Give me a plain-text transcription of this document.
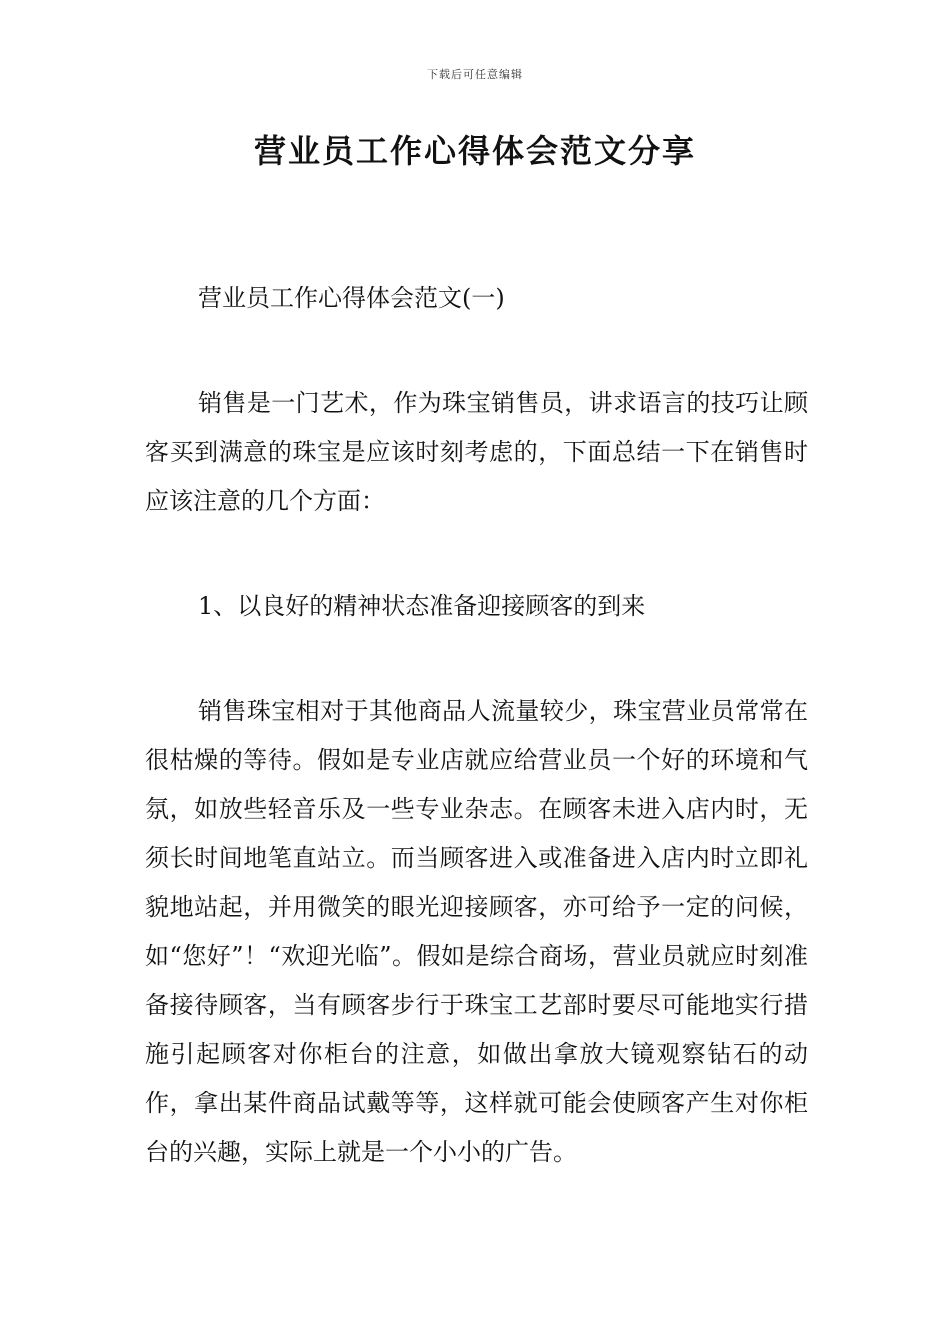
下载后可任意编辑
营业员工作心得体会范文分享

营业员工作心得体会范文(一)

销售是一门艺术，作为珠宝销售员，讲求语言的技巧让顾客买到满意的珠宝是应该时刻考虑的，下面总结一下在销售时应该注意的几个方面：

1、以良好的精神状态准备迎接顾客的到来

销售珠宝相对于其他商品人流量较少，珠宝营业员常常在很枯燥的等待。假如是专业店就应给营业员一个好的环境和气氛，如放些轻音乐及一些专业杂志。在顾客未进入店内时，无须长时间地笔直站立。而当顾客进入或准备进入店内时立即礼貌地站起，并用微笑的眼光迎接顾客，亦可给予一定的问候，如“您好”！“欢迎光临”。假如是综合商场，营业员就应时刻准备接待顾客，当有顾客步行于珠宝工艺部时要尽可能地实行措施引起顾客对你柜台的注意，如做出拿放大镜观察钻石的动作，拿出某件商品试戴等等，这样就可能会使顾客产生对你柜台的兴趣，实际上就是一个小小的广告。
